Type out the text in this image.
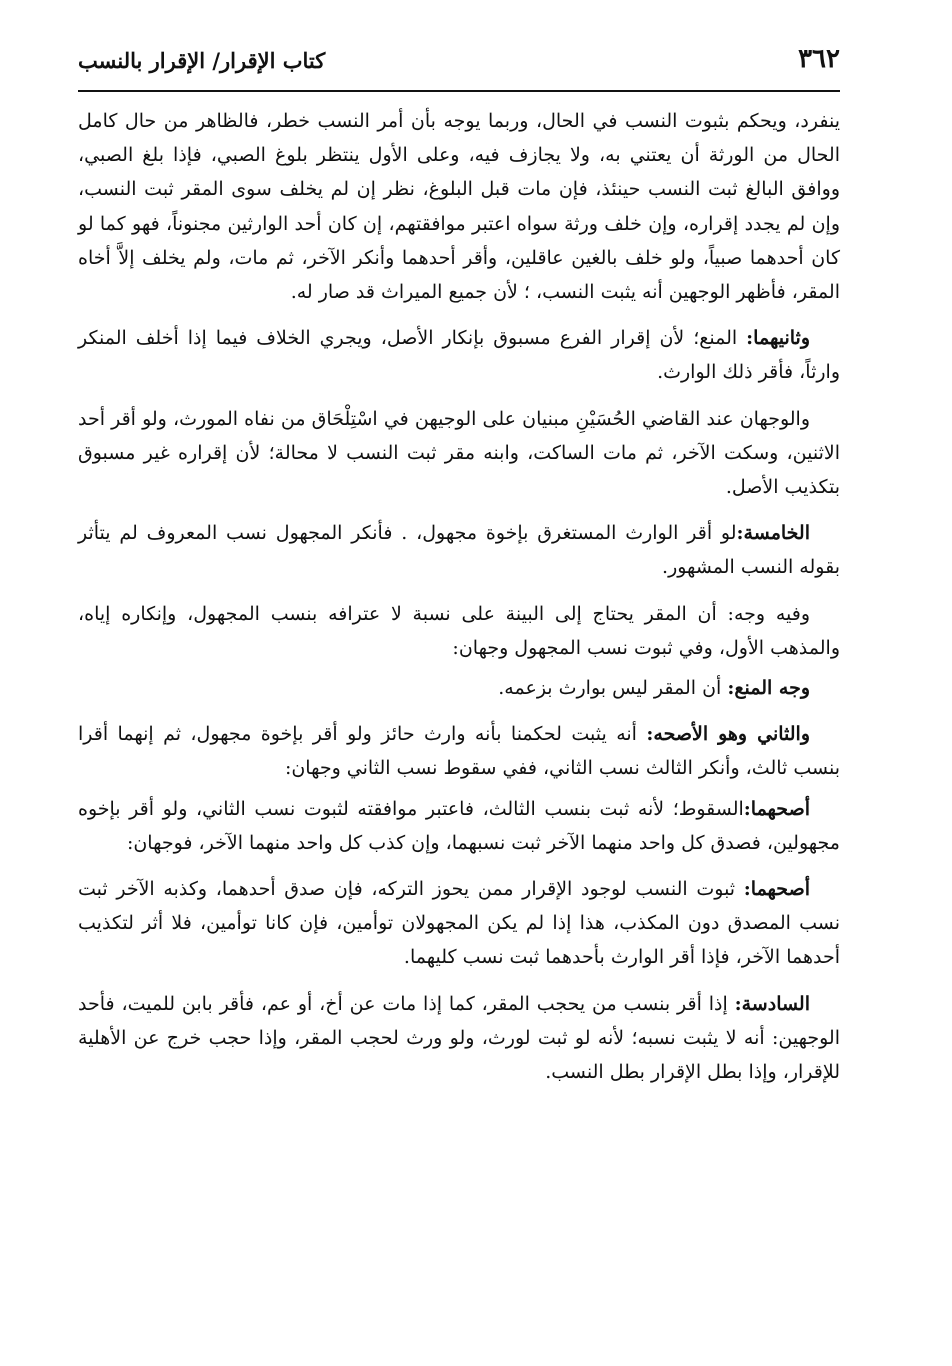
٣٦٢
كتاب الإقرار/ الإقرار بالنسب

ينفرد، ويحكم بثبوت النسب في الحال، وربما يوجه بأن أمر النسب خطر، فالظاهر من حال كامل الحال من الورثة أن يعتني به، ولا يجازف فيه، وعلى الأول ينتظر بلوغ الصبي، فإذا بلغ الصبي، ووافق البالغ ثبت النسب حينئذ، فإن مات قبل البلوغ، نظر إن لم يخلف سوى المقر ثبت النسب، وإن لم يجدد إقراره، وإن خلف ورثة سواه اعتبر موافقتهم، إن كان أحد الوارثين مجنوناً، فهو كما لو كان أحدهما صبياً، ولو خلف بالغين عاقلين، وأقر أحدهما وأنكر الآخر، ثم مات، ولم يخلف إلاَّ أخاه المقر، فأظهر الوجهين أنه يثبت النسب، ؛ لأن جميع الميراث قد صار له.

وثانيهما: المنع؛ لأن إقرار الفرع مسبوق بإنكار الأصل، ويجري الخلاف فيما إذا أخلف المنكر وارثاً، فأقر ذلك الوارث.

والوجهان عند القاضي الحُسَيْنِ مبنيان على الوجيهن في اسْتِلْحَاق من نفاه المورث، ولو أقر أحد الاثنين، وسكت الآخر، ثم مات الساكت، وابنه مقر ثبت النسب لا محالة؛ لأن إقراره غير مسبوق بتكذيب الأصل.

الخامسة:لو أقر الوارث المستغرق بإخوة مجهول، . فأنكر المجهول نسب المعروف لم يتأثر بقوله النسب المشهور.

وفيه وجه: أن المقر يحتاج إلى البينة على نسبة لا عترافه بنسب المجهول، وإنكاره إياه، والمذهب الأول، وفي ثبوت نسب المجهول وجهان:

وجه المنع: أن المقر ليس بوارث بزعمه.

والثاني وهو الأصحه: أنه يثبت لحكمنا بأنه وارث حائز ولو أقر بإخوة مجهول، ثم إنهما أقرا بنسب ثالث، وأنكر الثالث نسب الثاني، ففي سقوط نسب الثاني وجهان:

أصحهما:السقوط؛ لأنه ثبت بنسب الثالث، فاعتبر موافقته لثبوت نسب الثاني، ولو أقر بإخوه مجهولين، فصدق كل واحد منهما الآخر ثبت نسبهما، وإن كذب كل واحد منهما الآخر، فوجهان:

أصحهما: ثبوت النسب لوجود الإقرار ممن يحوز التركه، فإن صدق أحدهما، وكذبه الآخر ثبت نسب المصدق دون المكذب، هذا إذا لم يكن المجهولان توأمين، فإن كانا توأمين، فلا أثر لتكذيب أحدهما الآخر، فإذا أقر الوارث بأحدهما ثبت نسب كليهما.

السادسة: إذا أقر بنسب من يحجب المقر، كما إذا مات عن أخ، أو عم، فأقر بابن للميت، فأحد الوجهين: أنه لا يثبت نسبه؛ لأنه لو ثبت لورث، ولو ورث لحجب المقر، وإذا حجب خرج عن الأهلية للإقرار، وإذا بطل الإقرار بطل النسب.
